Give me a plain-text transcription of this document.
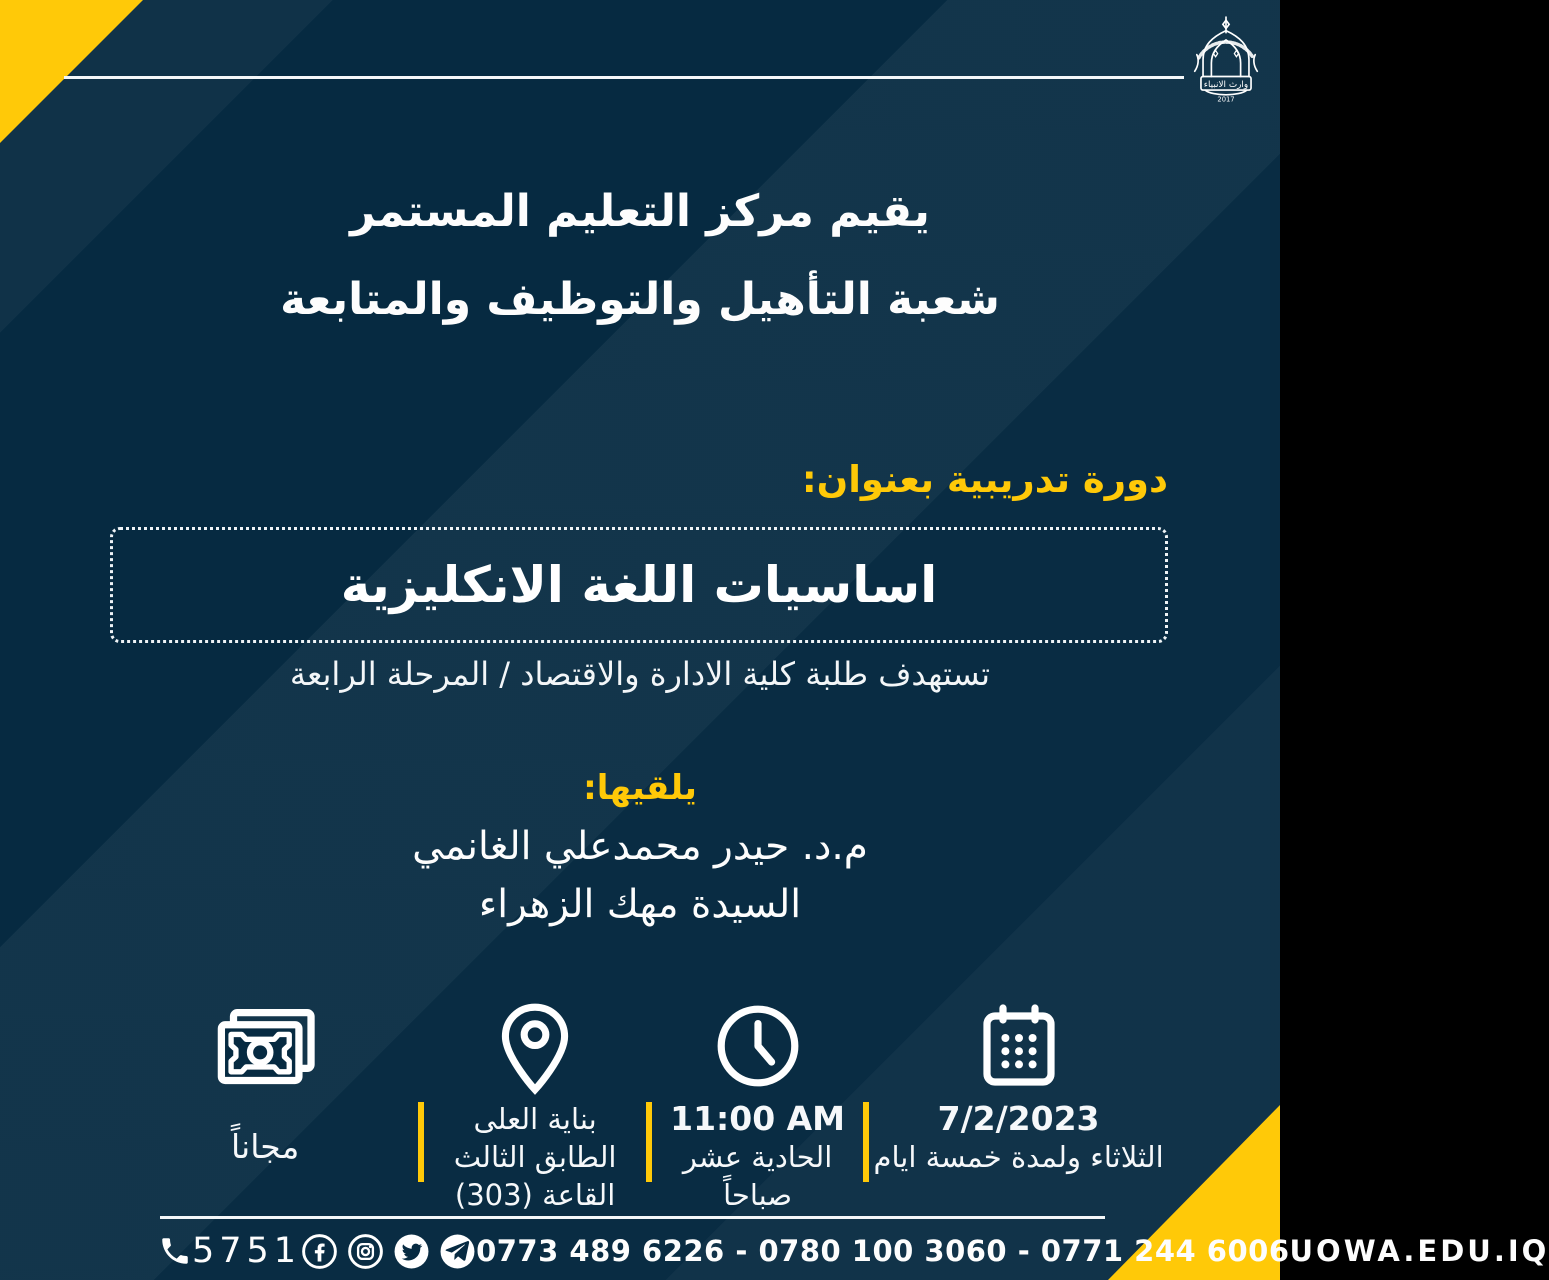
وارث الانبياء
2017
يقيم مركز التعليم المستمر
شعبة التأهيل والتوظيف والمتابعة
دورة تدريبية بعنوان:
اساسيات اللغة الانكليزية
تستهدف طلبة كلية الادارة والاقتصاد / المرحلة الرابعة
يلقيها:
م.د. حيدر محمدعلي الغانمي
السيدة مهك الزهراء
مجاناً
بناية العلى
الطابق الثالث
القاعة (303)
11:00 AM
الحادية عشر صباحاً
7/2/2023
الثلاثاء ولمدة خمسة ايام
5751	0773 489 6226 - 0780 100 3060 - 0771 244 6006 UOWA.EDU.IQ
